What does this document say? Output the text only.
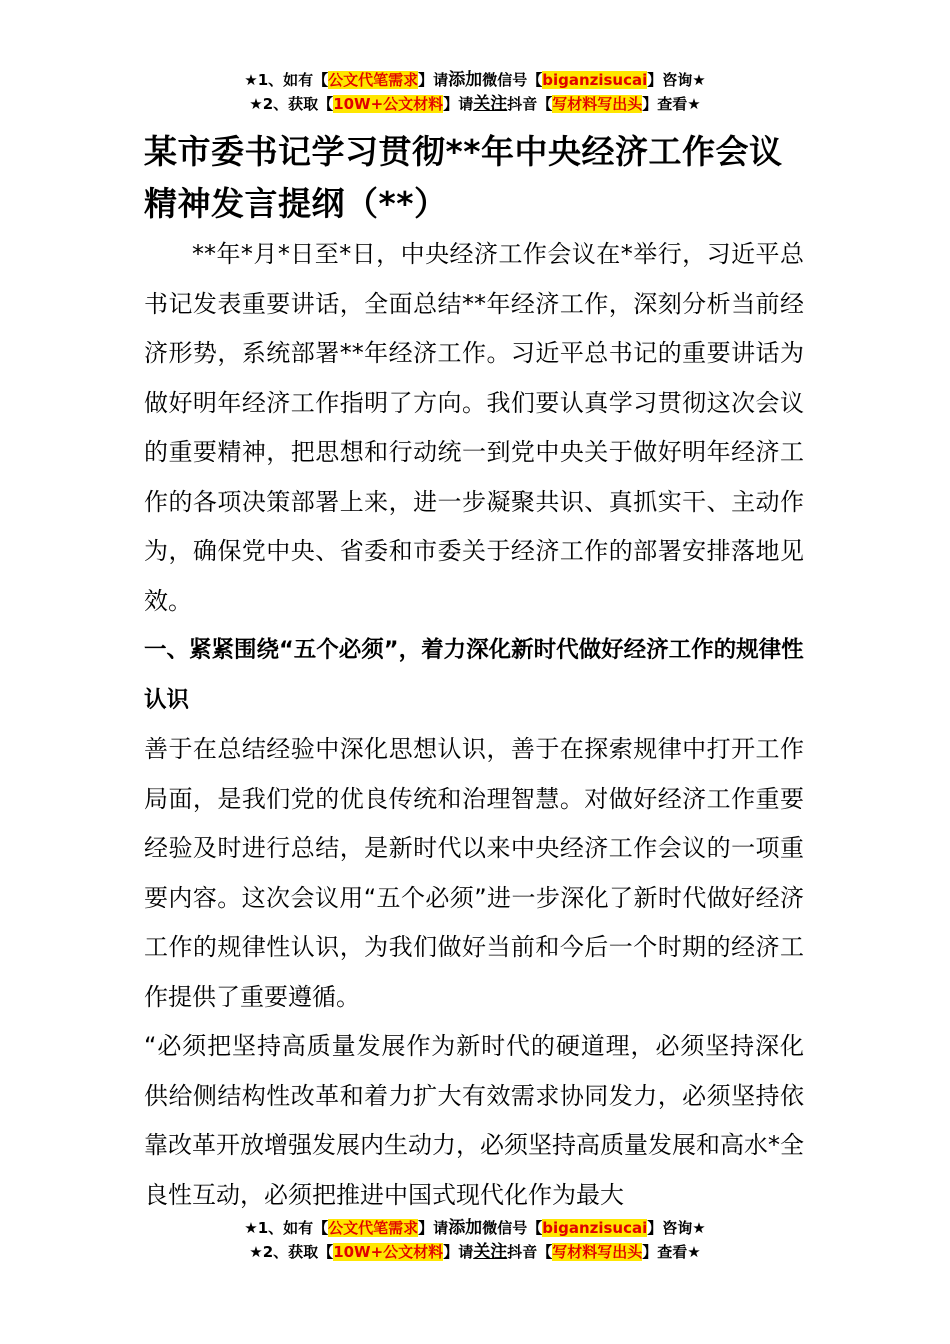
★1、如有【公文代笔需求】请添加微信号【biganzisucai】咨询★
★2、获取【10W+公文材料】请关注抖音【写材料写出头】查看★
某市委书记学习贯彻**年中央经济工作会议精神发言提纲（**）

**年*月*日至*日，中央经济工作会议在*举行，习近平总书记发表重要讲话，全面总结**年经济工作，深刻分析当前经济形势，系统部署**年经济工作。习近平总书记的重要讲话为做好明年经济工作指明了方向。我们要认真学习贯彻这次会议的重要精神，把思想和行动统一到党中央关于做好明年经济工作的各项决策部署上来，进一步凝聚共识、真抓实干、主动作为，确保党中央、省委和市委关于经济工作的部署安排落地见效。

一、紧紧围绕“五个必须”，着力深化新时代做好经济工作的规律性认识

善于在总结经验中深化思想认识，善于在探索规律中打开工作局面，是我们党的优良传统和治理智慧。对做好经济工作重要经验及时进行总结，是新时代以来中央经济工作会议的一项重要内容。这次会议用“五个必须”进一步深化了新时代做好经济工作的规律性认识，为我们做好当前和今后一个时期的经济工作提供了重要遵循。

“必须把坚持高质量发展作为新时代的硬道理，必须坚持深化供给侧结构性改革和着力扩大有效需求协同发力，必须坚持依靠改革开放增强发展内生动力，必须坚持高质量发展和高水*全良性互动，必须把推进中国式现代化作为最大

★1、如有【公文代笔需求】请添加微信号【biganzisucai】咨询★
★2、获取【10W+公文材料】请关注抖音【写材料写出头】查看★
